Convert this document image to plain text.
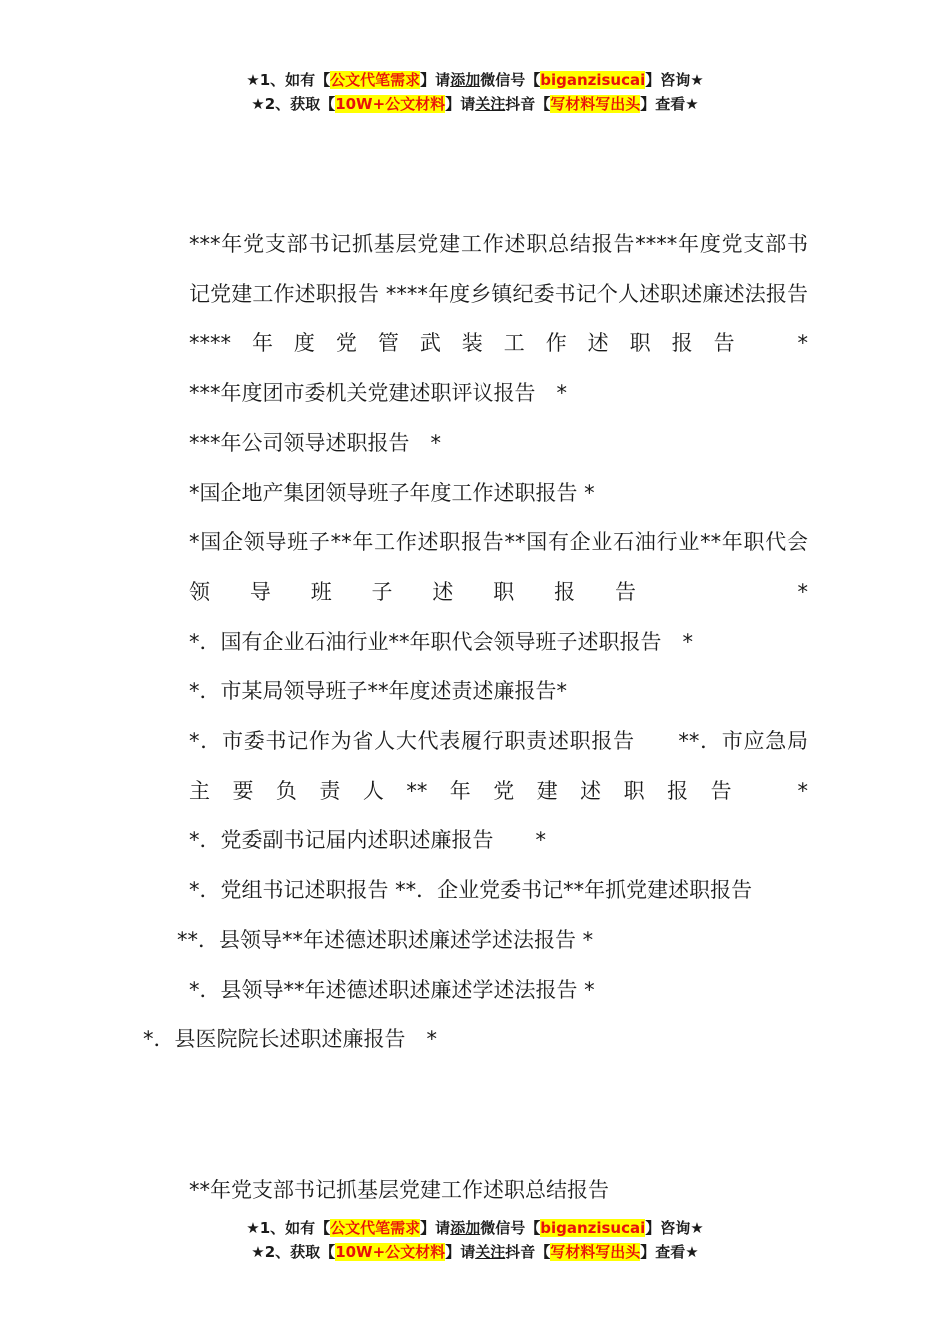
★1、如有【公文代笔需求】请添加微信号【biganzisucai】咨询★
★2、获取【10W+公文材料】请关注抖音【写材料写出头】查看★

***年党支部书记抓基层党建工作述职总结报告****年度党支部书记党建工作述职报告 ****年度乡镇纪委书记个人述职述廉述法报告 ****年度党管武装工作述职报告　*

***年度团市委机关党建述职评议报告　*

***年公司领导述职报告　*

*国企地产集团领导班子年度工作述职报告 *

*国企领导班子**年工作述职报告**国有企业石油行业**年职代会领导班子述职报告　　*

*．国有企业石油行业**年职代会领导班子述职报告　*

*．市某局领导班子**年度述责述廉报告*

*．市委书记作为省人大代表履行职责述职报告　　**．市应急局主要负责人**年党建述职报告　*

*．党委副书记届内述职述廉报告　　*

*．党组书记述职报告 **．企业党委书记**年抓党建述职报告

**．县领导**年述德述职述廉述学述法报告 *

*．县领导**年述德述职述廉述学述法报告 *

*．县医院院长述职述廉报告　*

**年党支部书记抓基层党建工作述职总结报告
★1、如有【公文代笔需求】请添加微信号【biganzisucai】咨询★
★2、获取【10W+公文材料】请关注抖音【写材料写出头】查看★
